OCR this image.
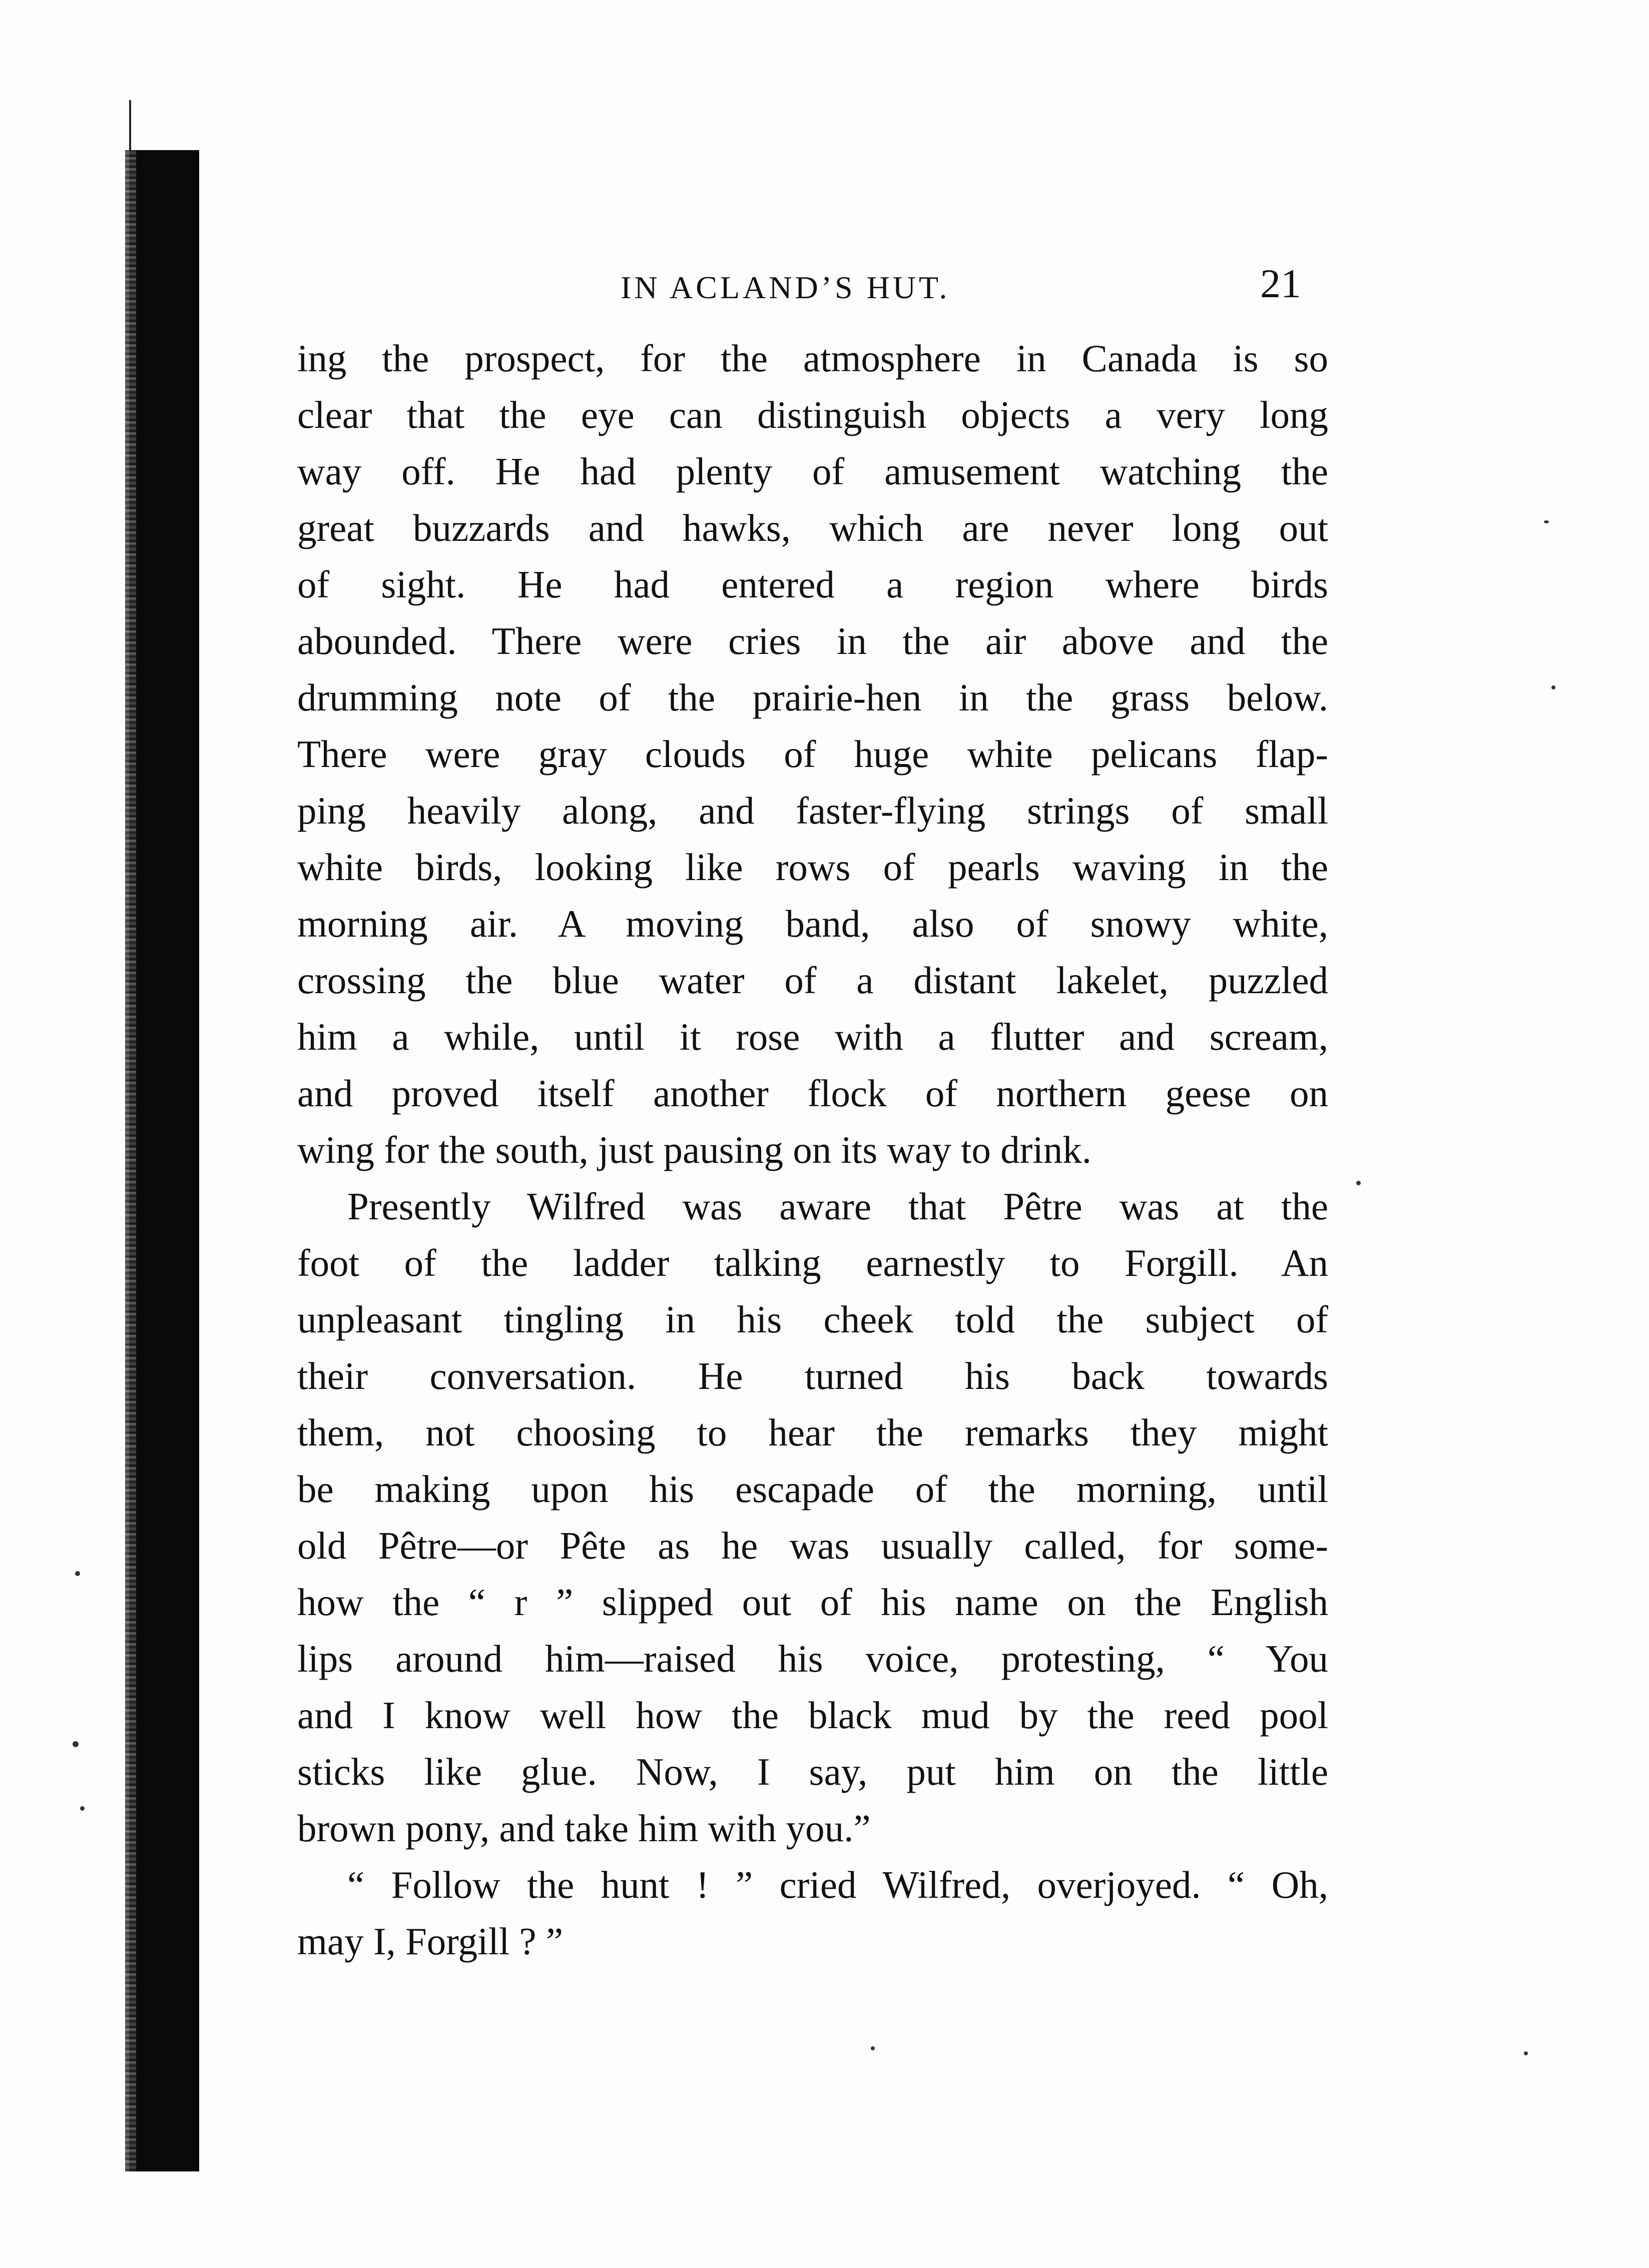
IN ACLAND’S HUT.	21
ing the prospect, for the atmosphere in Canada is so
clear that the eye can distinguish objects a very long
way off. He had plenty of amusement watching the
great buzzards and hawks, which are never long out
of sight. He had entered a region where birds
abounded. There were cries in the air above and the
drumming note of the prairie-hen in the grass below.
There were gray clouds of huge white pelicans flap-
ping heavily along, and faster-flying strings of small
white birds, looking like rows of pearls waving in the
morning air. A moving band, also of snowy white,
crossing the blue water of a distant lakelet, puzzled
him a while, until it rose with a flutter and scream,
and proved itself another flock of northern geese on
wing for the south, just pausing on its way to drink.
Presently Wilfred was aware that Pêtre was at the
foot of the ladder talking earnestly to Forgill. An
unpleasant tingling in his cheek told the subject of
their conversation. He turned his back towards
them, not choosing to hear the remarks they might
be making upon his escapade of the morning, until
old Pêtre—or Pête as he was usually called, for some-
how the “ r ” slipped out of his name on the English
lips around him—raised his voice, protesting, “ You
and I know well how the black mud by the reed pool
sticks like glue. Now, I say, put him on the little
brown pony, and take him with you.”
“ Follow the hunt ! ” cried Wilfred, overjoyed. “ Oh,
may I, Forgill ? ”
